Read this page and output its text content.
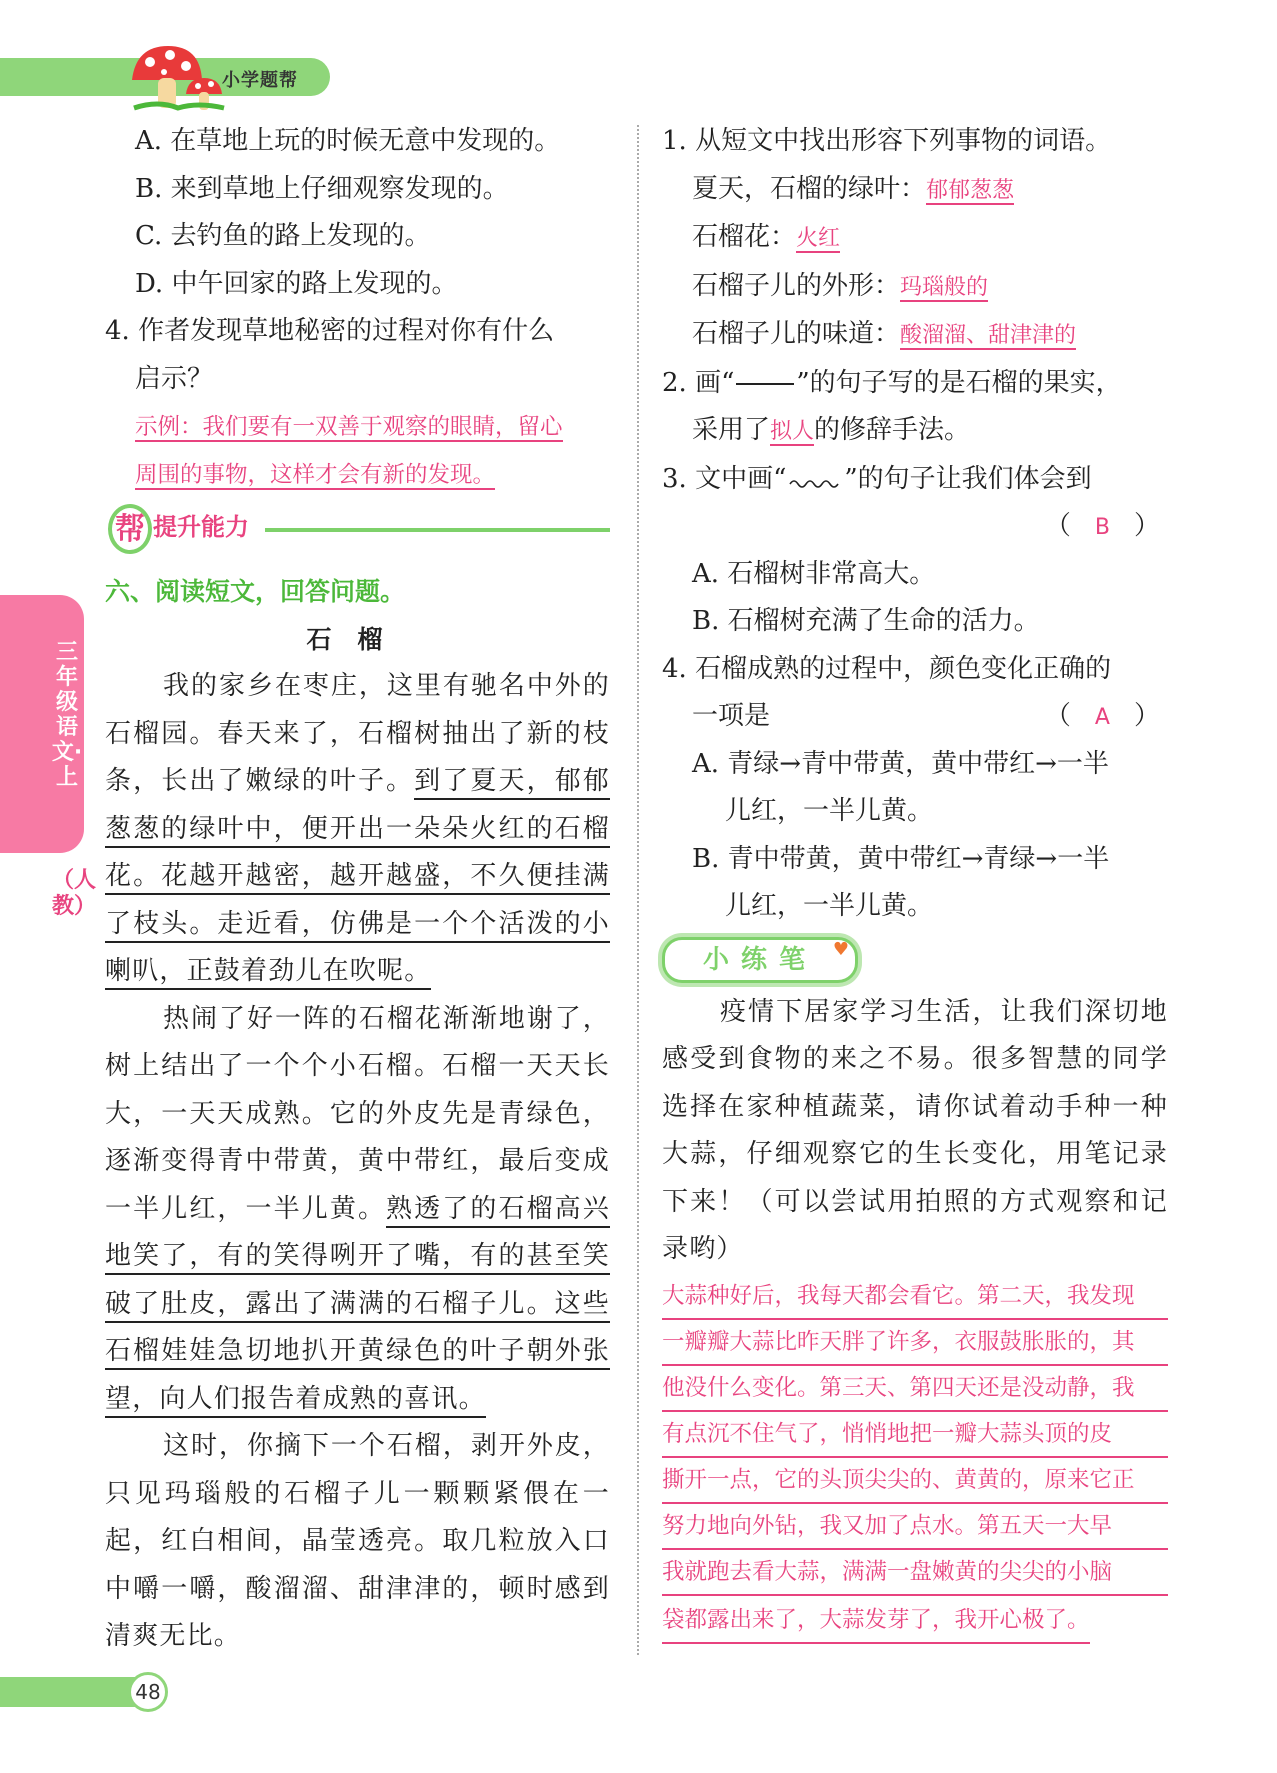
小学题帮
三年级语文·上
（人教）
A. 在草地上玩的时候无意中发现的。
B. 来到草地上仔细观察发现的。
C. 去钓鱼的路上发现的。
D. 中午回家的路上发现的。
4. 作者发现草地秘密的过程对你有什么
启示？
示例：我们要有一双善于观察的眼睛，留心
周围的事物，这样才会有新的发现。
帮 提升能力
六、阅读短文，回答问题。
石榴
我的家乡在枣庄，这里有驰名中外的石榴园。春天来了，石榴树抽出了新的枝条，长出了嫩绿的叶子。到了夏天，郁郁葱葱的绿叶中，便开出一朵朵火红的石榴花。花越开越密，越开越盛，不久便挂满了枝头。走近看，仿佛是一个个活泼的小喇叭，正鼓着劲儿在吹呢。
热闹了好一阵的石榴花渐渐地谢了，树上结出了一个个小石榴。石榴一天天长大，一天天成熟。它的外皮先是青绿色，逐渐变得青中带黄，黄中带红，最后变成一半儿红，一半儿黄。熟透了的石榴高兴地笑了，有的笑得咧开了嘴，有的甚至笑破了肚皮，露出了满满的石榴子儿。这些石榴娃娃急切地扒开黄绿色的叶子朝外张望，向人们报告着成熟的喜讯。
这时，你摘下一个石榴，剥开外皮，只见玛瑙般的石榴子儿一颗颗紧偎在一起，红白相间，晶莹透亮。取几粒放入口中嚼一嚼，酸溜溜、甜津津的，顿时感到清爽无比。
1. 从短文中找出形容下列事物的词语。
夏天，石榴的绿叶：郁郁葱葱
石榴花：火红
石榴子儿的外形：玛瑙般的
石榴子儿的味道：酸溜溜、甜津津的
2. 画“ ”的句子写的是石榴的果实，
采用了拟人的修辞手法。
3. 文中画“ ”的句子让我们体会到
（ B ）
A. 石榴树非常高大。
B. 石榴树充满了生命的活力。
4. 石榴成熟的过程中，颜色变化正确的
一项是	（ A ）
A. 青绿→青中带黄，黄中带红→一半
儿红，一半儿黄。
B. 青中带黄，黄中带红→青绿→一半
儿红，一半儿黄。
小练笔 ♥
疫情下居家学习生活，让我们深切地感受到食物的来之不易。很多智慧的同学选择在家种植蔬菜，请你试着动手种一种大蒜，仔细观察它的生长变化，用笔记录下来！（可以尝试用拍照的方式观察和记录哟）
大蒜种好后，我每天都会看它。第二天，我发现
一瓣瓣大蒜比昨天胖了许多，衣服鼓胀胀的，其
他没什么变化。第三天、第四天还是没动静，我
有点沉不住气了，悄悄地把一瓣大蒜头顶的皮
撕开一点，它的头顶尖尖的、黄黄的，原来它正
努力地向外钻，我又加了点水。第五天一大早
我就跑去看大蒜，满满一盘嫩黄的尖尖的小脑
袋都露出来了，大蒜发芽了，我开心极了。
48
